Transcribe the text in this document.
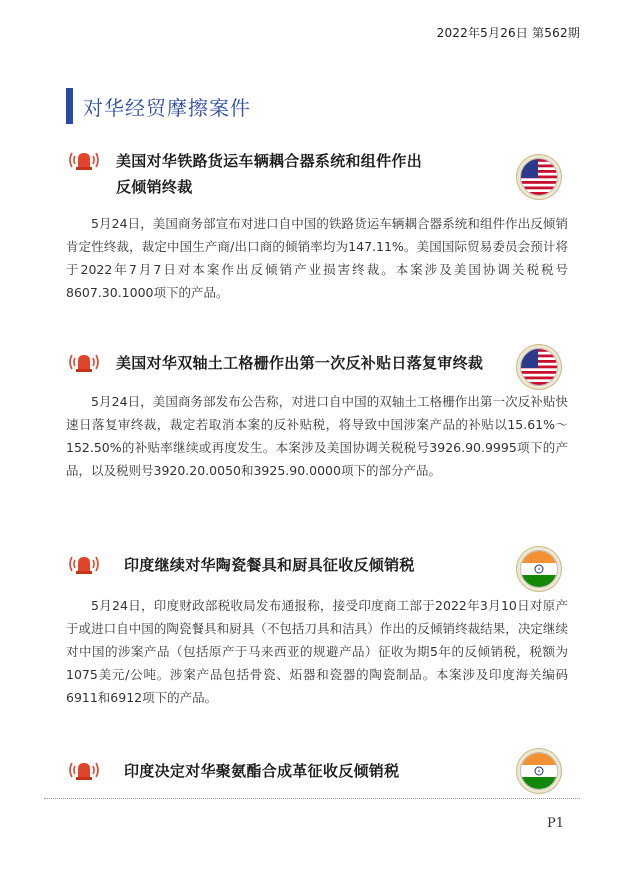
2022年5月26日 第562期
对华经贸摩擦案件
美国对华铁路货运车辆耦合器系统和组件作出
反倾销终裁
5月24日，美国商务部宣布对进口自中国的铁路货运车辆耦合器系统和组件作出反倾销肯定性终裁，裁定中国生产商/出口商的倾销率均为147.11%。美国国际贸易委员会预计将于2022年7月7日对本案作出反倾销产业损害终裁。本案涉及美国协调关税税号8607.30.1000项下的产品。
美国对华双轴土工格栅作出第一次反补贴日落复审终裁
5月24日，美国商务部发布公告称，对进口自中国的双轴土工格栅作出第一次反补贴快速日落复审终裁，裁定若取消本案的反补贴税，将导致中国涉案产品的补贴以15.61%～152.50%的补贴率继续或再度发生。本案涉及美国协调关税税号3926.90.9995项下的产品，以及税则号3920.20.0050和3925.90.0000项下的部分产品。
印度继续对华陶瓷餐具和厨具征收反倾销税
5月24日，印度财政部税收局发布通报称，接受印度商工部于2022年3月10日对原产于或进口自中国的陶瓷餐具和厨具（不包括刀具和洁具）作出的反倾销终裁结果，决定继续对中国的涉案产品（包括原产于马来西亚的规避产品）征收为期5年的反倾销税，税额为1075美元/公吨。涉案产品包括骨瓷、炻器和瓷器的陶瓷制品。本案涉及印度海关编码6911和6912项下的产品。
印度决定对华聚氨酯合成革征收反倾销税
P1
